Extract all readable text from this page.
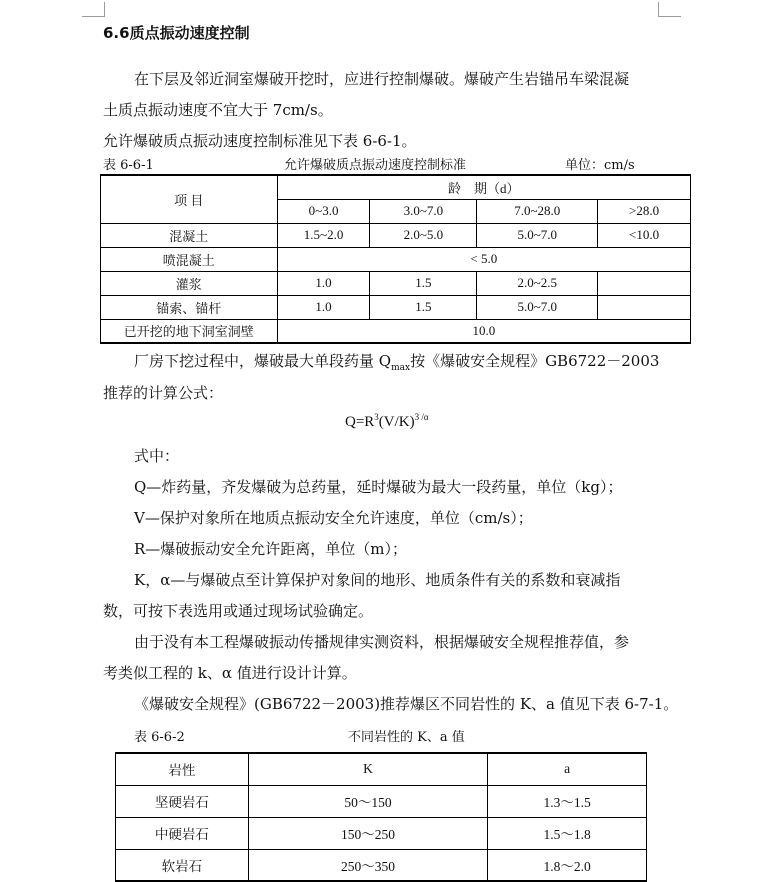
6.6质点振动速度控制
在下层及邻近洞室爆破开挖时，应进行控制爆破。爆破产生岩锚吊车梁混凝
土质点振动速度不宜大于 7cm/s。
允许爆破质点振动速度控制标准见下表 6-6-1。
表 6-6-1	允许爆破质点振动速度控制标准	单位：cm/s
项 目	龄　期（d）			
	0~3.0	3.0~7.0	7.0~28.0	>28.0
混凝土	1.5~2.0	2.0~5.0	5.0~7.0	<10.0
喷混凝土	< 5.0			
灌浆	1.0	1.5	2.0~2.5	
锚索、锚杆	1.0	1.5	5.0~7.0	
已开挖的地下洞室洞壁	10.0			
厂房下挖过程中，爆破最大单段药量 $Q_{max}$按《爆破安全规程》GB6722－2003
推荐的计算公式：
$Q=R^3(V/K)^{3 /\alpha}$
式中：
Q—炸药量，齐发爆破为总药量，延时爆破为最大一段药量，单位（kg）；
V—保护对象所在地质点振动安全允许速度，单位（cm/s）；
R—爆破振动安全允许距离，单位（m）；
K，α—与爆破点至计算保护对象间的地形、地质条件有关的系数和衰减指
数，可按下表选用或通过现场试验确定。
由于没有本工程爆破振动传播规律实测资料，根据爆破安全规程推荐值，参
考类似工程的 k、α 值进行设计计算。
《爆破安全规程》(GB6722－2003)推荐爆区不同岩性的 K、a 值见下表 6-7-1。
表 6-6-2	不同岩性的 K、a 值
岩性	K	a
坚硬岩石	50～150	1.3～1.5
中硬岩石	150～250	1.5～1.8
软岩石	250～350	1.8～2.0
